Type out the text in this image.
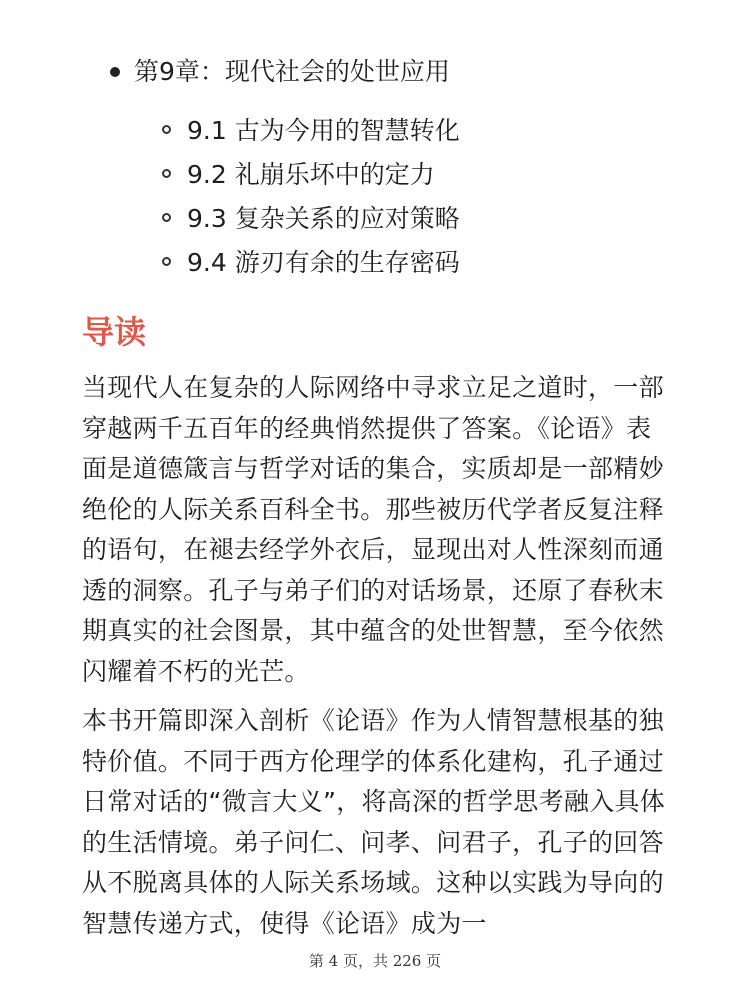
第9章：现代社会的处世应用
9.1 古为今用的智慧转化
9.2 礼崩乐坏中的定力
9.3 复杂关系的应对策略
9.4 游刃有余的生存密码
导读

当现代人在复杂的人际网络中寻求立足之道时，一部穿越两千五百年的经典悄然提供了答案。《论语》表面是道德箴言与哲学对话的集合，实质却是一部精妙绝伦的人际关系百科全书。那些被历代学者反复注释的语句，在褪去经学外衣后，显现出对人性深刻而通透的洞察。孔子与弟子们的对话场景，还原了春秋末期真实的社会图景，其中蕴含的处世智慧，至今依然闪耀着不朽的光芒。

本书开篇即深入剖析《论语》作为人情智慧根基的独特价值。不同于西方伦理学的体系化建构，孔子通过日常对话的“微言大义”，将高深的哲学思考融入具体的生活情境。弟子问仁、问孝、问君子，孔子的回答从不脱离具体的人际关系场域。这种以实践为导向的智慧传递方式，使得《论语》成为一

第 4 页，共 226 页
